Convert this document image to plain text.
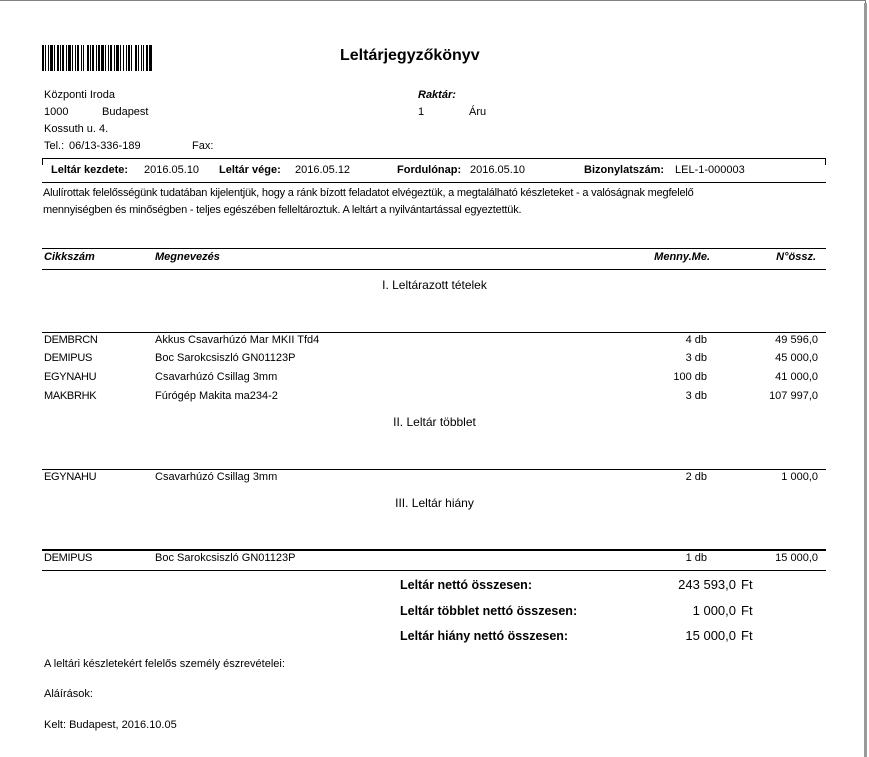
Leltárjegyzőkönyv
Központi Iroda
1000	Budapest
Kossuth u. 4.
Tel.: 06/13-336-189	Fax:
Raktár:
1	Áru
Leltár kezdete: 2016.05.10 Leltár vége: 2016.05.12	Fordulónap: 2016.05.10	Bizonylatszám: LEL-1-000003
Alulírottak felelősségünk tudatában kijelentjük, hogy a ránk bízott feladatot elvégeztük, a megtalálható készleteket - a valóságnak megfelelő
mennyiségben és minőségben - teljes egészében felleltároztuk. A leltárt a nyilvántartással egyeztettük.
Cikkszám	Megnevezés	Menny.Me.	N°össz.
I. Leltárazott tételek
DEMBRCN	Akkus Csavarhúzó Mar MKII Tfd4	4 db	49 596,0
DEMIPUS	Boc Sarokcsiszló GN01123P	3 db	45 000,0
EGYNAHU	Csavarhúzó Csillag 3mm	100 db	41 000,0
MAKBRHK	Fúrógép Makita ma234-2	3 db	107 997,0
II. Leltár többlet
EGYNAHU	Csavarhúzó Csillag 3mm	2 db	1 000,0
III. Leltár hiány
DEMIPUS	Boc Sarokcsiszló GN01123P	1 db	15 000,0
Leltár nettó összesen:	243 593,0 Ft
Leltár többlet nettó összesen:	1 000,0 Ft
Leltár hiány nettó összesen:	15 000,0 Ft
A leltári készletekért felelős személy észrevételei:
Aláírások:
Kelt: Budapest, 2016.10.05
